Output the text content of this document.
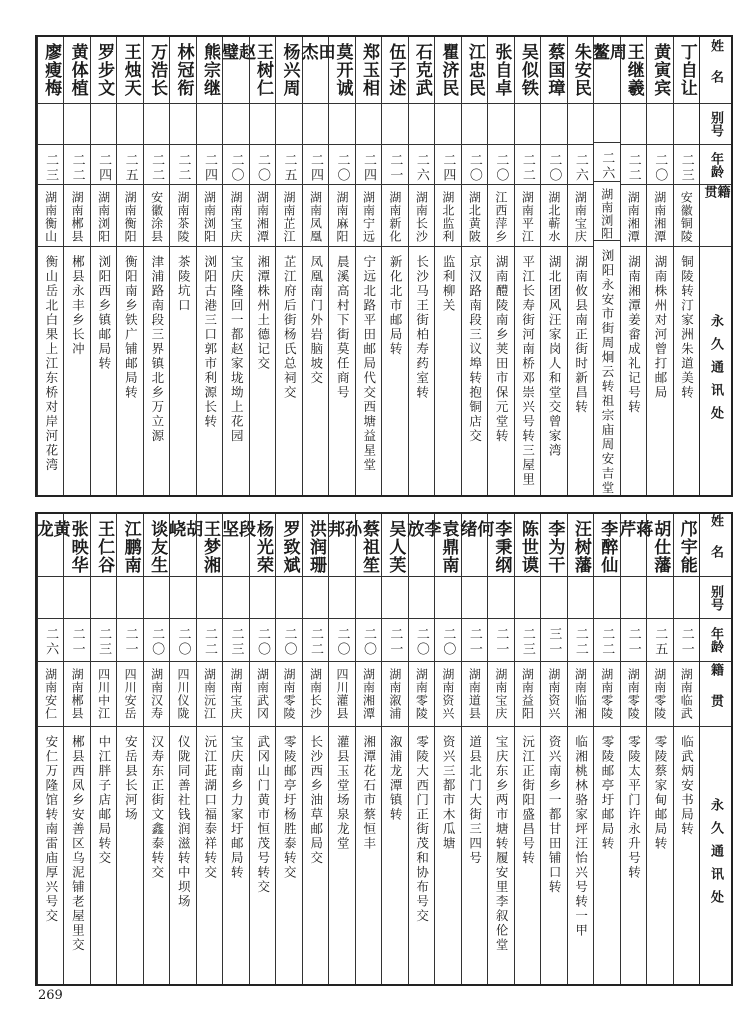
姓名
别号
年龄
籍贯
永久通讯处
丁自让
二三
安徽铜陵
铜陵转汀家洲朱道美转
黄寅宾
二〇
湖南湘潭
湖南株州对河曾打邮局
王继羲
二二
湖南湘潭
湖南湘潭姜畲成礼记号转
周鳌
二六
湖南浏阳
浏阳永安市街周炯云转祖宗庙周安吉堂
朱安民
二六
湖南宝庆
湖南攸县南正街时新昌转
蔡国璋
二〇
湖北蕲水
湖北团风汪家岗人和堂交曾家湾
吴似铁
二二
湖南平江
平江长寿街河南桥邓崇兴号转三屋里
张自卓
二〇
江西萍乡
湖南醴陵南乡荚田市保元堂转
江忠民
二〇
湖北黄陂
京汉路南段三议埠转抱铜店交
瞿济民
二四
湖北监利
监利柳关
石克武
二六
湖南长沙
长沙马王街柏寿药室转
伍子述
二一
湖南新化
新化北市邮局转
郑玉相
二四
湖南宁远
宁远北路平田邮局代交西塘益星堂
莫开诚
二〇
湖南麻阳
晨溪高村下街莫任商号
田杰
二四
湖南凤凰
凤凰南门外岩脑坡交
杨兴周
二五
湖南芷江
芷江府后街杨氏总祠交
王树仁
二〇
湖南湘潭
湘潭株州土德记交
赵璧
二〇
湖南宝庆
宝庆隆回一都赵家垅坳上花园
熊宗继
二四
湖南浏阳
浏阳古港三口郭市利源长转
林冠衔
二二
湖南茶陵
茶陵坑口
万浩长
二二
安徽涂县
津浦路南段三界镇北乡万立源
王烛天
二五
湖南衡阳
衡阳南乡铁广铺邮局转
罗步文
二四
湖南浏阳
浏阳西乡镇邮局转
黄体植
二二
湖南郴县
郴县永丰乡长冲
廖瘦梅
二三
湖南衡山
衡山岳北白果上江东桥对岸河花湾
姓名
别号
年龄
籍贯
永久通讯处
邝宇能
二一
湖南临武
临武炳安书局转
胡仕藩
二五
湖南零陵
零陵蔡家甸邮局转
蒋芹
二一
湖南零陵
零陵太平门许永升号转
李醉仙
二二
湖南零陵
零陵邮亭圩邮局转
汪树藩
二二
湖南临湘
临湘桃林骆家坪汪怡兴号转一甲
李为干
三一
湖南资兴
资兴南乡一都甘田铺口转
陈世谟
二三
湖南益阳
沅江正街阳盛昌号转
李秉纲
二一
湖南宝庆
宝庆东乡两市塘转履安里李叙伦堂
何绪
二一
湖南道县
道县北门大街三四号
袁鼎南
二〇
湖南资兴
资兴三都市木瓜塘
李放
二〇
湖南零陵
零陵大西门正街茂和协布号交
吴人芙
二一
湖南溆浦
溆浦龙潭镇转
蔡祖笙
二〇
湖南湘潭
湘潭花石市蔡恒丰
孙邦
二〇
四川灌县
灌县玉堂场泉龙堂
洪润珊
二二
湖南长沙
长沙西乡油草邮局交
罗致斌
二〇
湖南零陵
零陵邮亭圩杨胜泰转交
杨光荣
二〇
湖南武冈
武冈山门黄市恒茂号转交
段坚
二三
湖南宝庆
宝庆南乡力家圩邮局转
王梦湘
二二
湖南沅江
沅江茈湖口福泰祥转交
胡峣
二〇
四川仪陇
仪陇同善社钱润滋转中坝场
谈友生
二〇
湖南汉寿
汉寿东正街文鑫泰转交
江鹏南
二一
四川安岳
安岳县长河场
王仁谷
二三
四川中江
中江胖子店邮局转交
张映华
二一
湖南郴县
郴县西凤乡安善区乌泥铺老屋里交
黄龙
二六
湖南安仁
安仁万隆馆转南雷庙厚兴号交
269
